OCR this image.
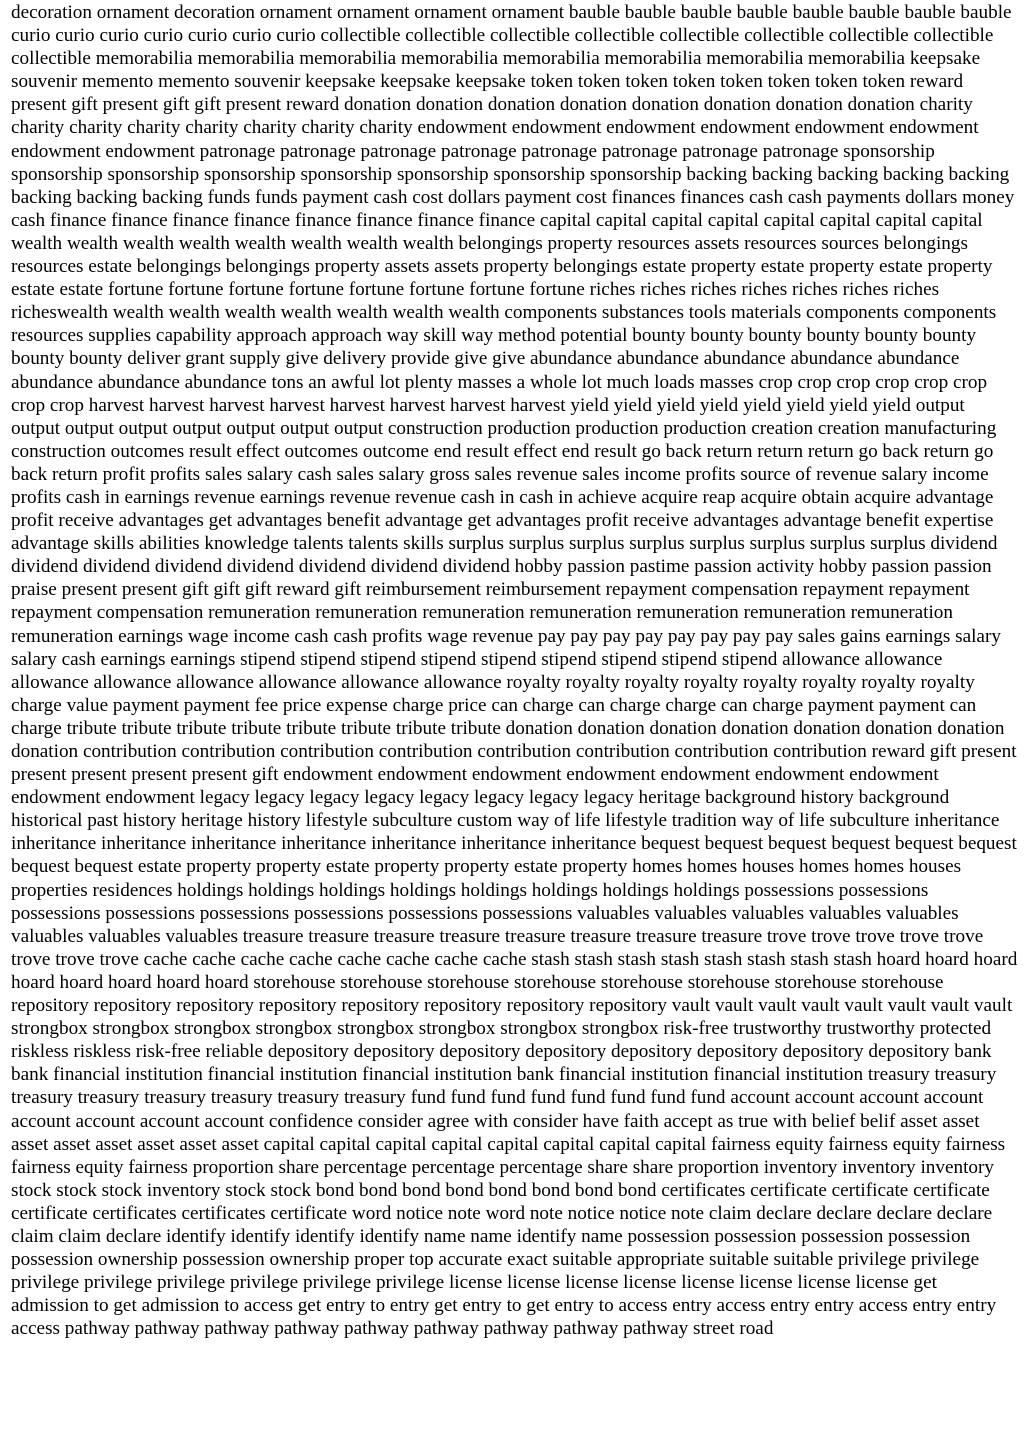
decoration ornament decoration ornament ornament ornament ornament bauble bauble bauble bauble bauble bauble bauble bauble curio curio curio curio curio curio curio collectible collectible collectible collectible collectible collectible collectible collectible collectible memorabilia memorabilia memorabilia memorabilia memorabilia memorabilia memorabilia memorabilia keepsake souvenir memento memento souvenir keepsake keepsake keepsake token token token token token token token token reward present gift present gift gift present reward donation donation donation donation donation donation donation donation charity charity charity charity charity charity charity charity endowment endowment endowment endowment endowment endowment endowment endowment patronage patronage patronage patronage patronage patronage patronage patronage sponsorship sponsorship sponsorship sponsorship sponsorship sponsorship sponsorship sponsorship backing backing backing backing backing backing backing backing funds funds payment cash cost dollars payment cost finances finances cash cash payments dollars money cash finance finance finance finance finance finance finance finance capital capital capital capital capital capital capital capital wealth wealth wealth wealth wealth wealth wealth wealth belongings property resources assets resources sources belongings resources estate belongings belongings property assets assets property belongings estate property estate property estate property estate estate fortune fortune fortune fortune fortune fortune fortune fortune riches riches riches riches riches riches riches richeswealth wealth wealth wealth wealth wealth wealth wealth components substances tools materials components components resources supplies capability approach approach way skill way method potential bounty bounty bounty bounty bounty bounty bounty bounty deliver grant supply give delivery provide give give abundance abundance abundance abundance abundance abundance abundance abundance tons an awful lot plenty masses a whole lot much loads masses crop crop crop crop crop crop crop crop harvest harvest harvest harvest harvest harvest harvest harvest yield yield yield yield yield yield yield yield output output output output output output output output construction production production production creation creation manufacturing construction outcomes result effect outcomes outcome end result effect end result go back return return return go back return go back return profit profits sales salary cash sales salary gross sales revenue sales income profits source of revenue salary income profits cash in earnings revenue earnings revenue revenue cash in cash in achieve acquire reap acquire obtain acquire advantage profit receive advantages get advantages benefit advantage get advantages profit receive advantages advantage benefit expertise advantage skills abilities knowledge talents talents skills surplus surplus surplus surplus surplus surplus surplus surplus dividend dividend dividend dividend dividend dividend dividend dividend hobby passion pastime passion activity hobby passion passion praise present present gift gift gift reward gift reimbursement reimbursement repayment compensation repayment repayment repayment compensation remuneration remuneration remuneration remuneration remuneration remuneration remuneration remuneration earnings wage income cash cash profits wage revenue pay pay pay pay pay pay pay pay sales gains earnings salary salary cash earnings earnings stipend stipend stipend stipend stipend stipend stipend stipend stipend allowance allowance allowance allowance allowance allowance allowance allowance royalty royalty royalty royalty royalty royalty royalty royalty charge value payment payment fee price expense charge price can charge can charge charge can charge payment payment can charge tribute tribute tribute tribute tribute tribute tribute tribute donation donation donation donation donation donation donation donation contribution contribution contribution contribution contribution contribution contribution contribution reward gift present present present present present gift endowment endowment endowment endowment endowment endowment endowment endowment endowment legacy legacy legacy legacy legacy legacy legacy legacy heritage background history background historical past history heritage history lifestyle subculture custom way of life lifestyle tradition way of life subculture inheritance inheritance inheritance inheritance inheritance inheritance inheritance inheritance bequest bequest bequest bequest bequest bequest bequest bequest estate property property estate property property estate property homes homes houses homes homes houses properties residences holdings holdings holdings holdings holdings holdings holdings holdings possessions possessions possessions possessions possessions possessions possessions possessions valuables valuables valuables valuables valuables valuables valuables valuables treasure treasure treasure treasure treasure treasure treasure treasure trove trove trove trove trove trove trove trove cache cache cache cache cache cache cache cache stash stash stash stash stash stash stash stash hoard hoard hoard hoard hoard hoard hoard hoard storehouse storehouse storehouse storehouse storehouse storehouse storehouse storehouse repository repository repository repository repository repository repository repository vault vault vault vault vault vault vault vault strongbox strongbox strongbox strongbox strongbox strongbox strongbox strongbox risk-free trustworthy trustworthy protected riskless riskless risk-free reliable depository depository depository depository depository depository depository depository bank bank financial institution financial institution financial institution bank financial institution financial institution treasury treasury treasury treasury treasury treasury treasury treasury fund fund fund fund fund fund fund fund account account account account account account account account confidence consider agree with consider have faith accept as true with belief belif asset asset asset asset asset asset asset asset capital capital capital capital capital capital capital capital fairness equity fairness equity fairness fairness equity fairness proportion share percentage percentage percentage share share proportion inventory inventory inventory stock stock stock inventory stock stock bond bond bond bond bond bond bond bond certificates certificate certificate certificate certificate certificates certificates certificate word notice note word note notice notice note claim declare declare declare declare claim claim declare identify identify identify identify name name identify name possession possession possession possession possession ownership possession ownership proper top accurate exact suitable appropriate suitable suitable privilege privilege privilege privilege privilege privilege privilege privilege license license license license license license license license get admission to get admission to access get entry to entry get entry to get entry to access entry access entry entry access entry entry access pathway pathway pathway pathway pathway pathway pathway pathway pathway street road
